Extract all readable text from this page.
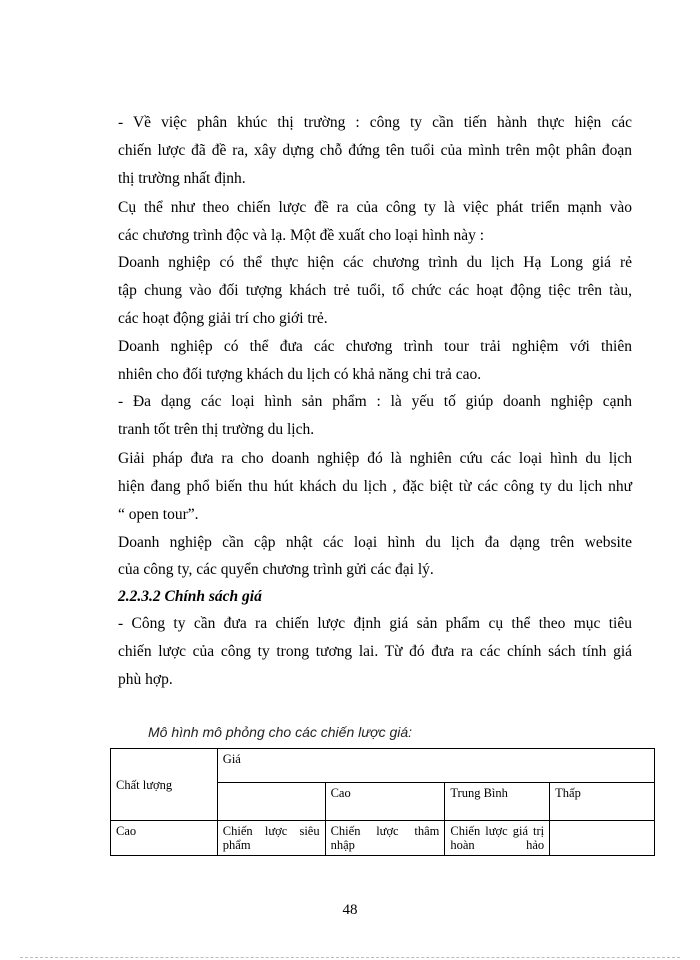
- Về việc phân khúc thị trường : công ty cần tiến hành thực hiện các
chiến lược đã đề ra, xây dựng chỗ đứng tên tuổi của mình trên một phân đoạn
thị trường nhất định.
Cụ thể như theo chiến lược đề ra của công ty là việc phát triển mạnh vào
các chương trình độc và lạ. Một đề xuất cho loại hình này :
Doanh nghiệp có thể thực hiện các chương trình du lịch Hạ Long giá rẻ
tập chung vào đối tượng khách trẻ tuổi, tổ chức các hoạt động tiệc trên tàu,
các hoạt động giải trí cho giới trẻ.
Doanh nghiệp có thể đưa các chương trình tour trải nghiệm với thiên
nhiên cho đối tượng khách du lịch có khả năng chi trả cao.
- Đa dạng các loại hình sản phẩm : là yếu tố giúp doanh nghiệp cạnh
tranh tốt trên thị trường du lịch.
Giải pháp đưa ra cho doanh nghiệp đó là nghiên cứu các loại hình du lịch
hiện đang phổ biến thu hút khách du lịch , đặc biệt từ các công ty du lịch như
“ open tour”.
Doanh nghiệp cần cập nhật các loại hình du lịch đa dạng trên website
của công ty, các quyển chương trình gửi các đại lý.
2.2.3.2 Chính sách giá
- Công ty cần đưa ra chiến lược định giá sản phẩm cụ thể theo mục tiêu
chiến lược của công ty trong tương lai. Từ đó đưa ra các chính sách tính giá
phù hợp.
Mô hình mô phỏng cho các chiến lược giá:
Chất lượng	Giá			
		Cao	Trung Bình	Thấp
Cao	Chiến lược siêu phẩm	Chiến lược thâm nhập	Chiến lược giá trị hoàn hảo	
48
